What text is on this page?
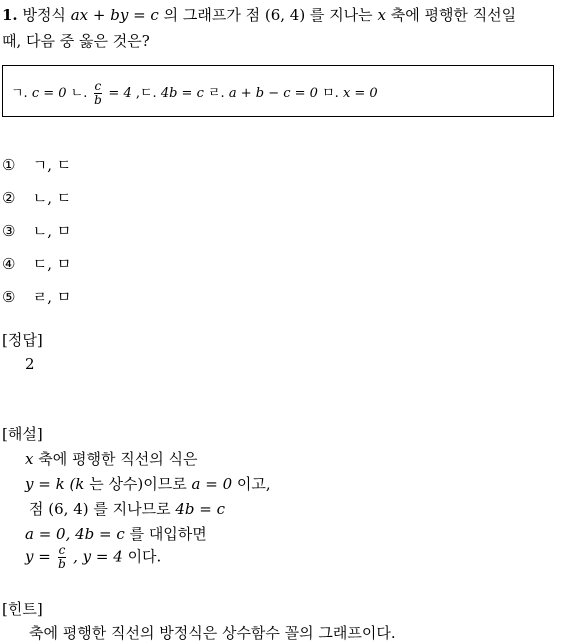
1. 방정식 ax + by = c 의 그래프가 점 (6, 4) 를 지나는 x 축에 평행한 직선일
때, 다음 중 옳은 것은?
ㄱ. c = 0 ㄴ. $\frac{c}{b} = 4$ ,ㄷ. 4b = c ㄹ. a + b − c = 0 ㅁ. x = 0
① ㄱ, ㄷ
② ㄴ, ㄷ
③ ㄴ, ㅁ
④ ㄷ, ㅁ
⑤ ㄹ, ㅁ
[정답]
2
[해설]
x 축에 평행한 직선의 식은
y = k (k 는 상수)이므로 a = 0 이고,
점 (6, 4) 를 지나므로 4b = c
a = 0, 4b = c 를 대입하면
$y = \frac{c}{b}$ , y = 4 이다.
[힌트]
축에 평행한 직선의 방정식은 상수함수 꼴의 그래프이다.
